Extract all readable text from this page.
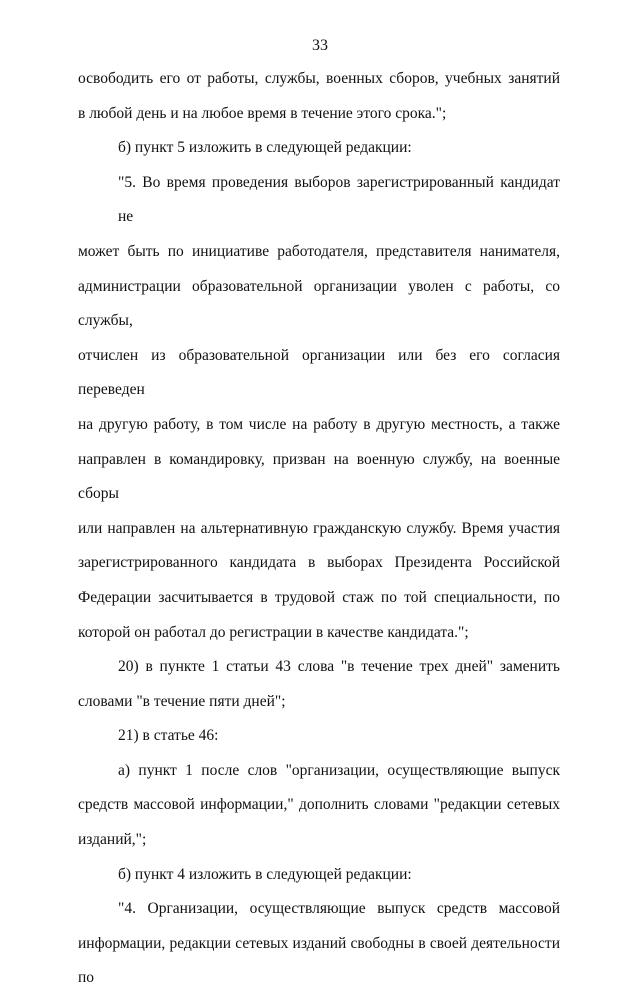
33

освободить его от работы, службы, военных сборов, учебных занятий
в любой день и на любое время в течение этого срока.";

б) пункт 5 изложить в следующей редакции:

"5. Во время проведения выборов зарегистрированный кандидат не
может быть по инициативе работодателя, представителя нанимателя,
администрации образовательной организации уволен с работы, со службы,
отчислен из образовательной организации или без его согласия переведен
на другую работу, в том числе на работу в другую местность, а также
направлен в командировку, призван на военную службу, на военные сборы
или направлен на альтернативную гражданскую службу. Время участия
зарегистрированного кандидата в выборах Президента Российской
Федерации засчитывается в трудовой стаж по той специальности, по
которой он работал до регистрации в качестве кандидата.";

20) в пункте 1 статьи 43 слова "в течение трех дней" заменить
словами "в течение пяти дней";

21) в статье 46:

а) пункт 1 после слов "организации, осуществляющие выпуск
средств массовой информации," дополнить словами "редакции сетевых
изданий,";

б) пункт 4 изложить в следующей редакции:

"4. Организации, осуществляющие выпуск средств массовой
информации, редакции сетевых изданий свободны в своей деятельности по
